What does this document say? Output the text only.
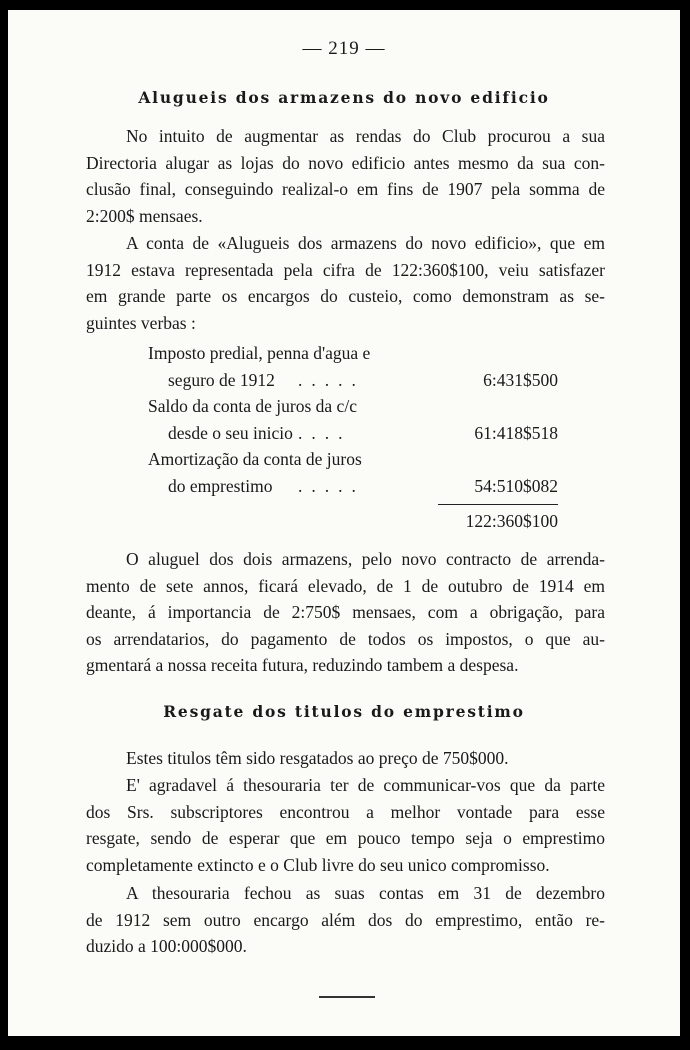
— 219 —
Alugueis dos armazens do novo edificio
No intuito de augmentar as rendas do Club procurou a sua
Directoria alugar as lojas do novo edificio antes mesmo da sua con-
clusão final, conseguindo realizal-o em fins de 1907 pela somma de
2:200$ mensaes.
A conta de «Alugueis dos armazens do novo edificio», que em
1912 estava representada pela cifra de 122:360$100, veiu satisfazer
em grande parte os encargos do custeio, como demonstram as se-
guintes verbas :
Imposto predial, penna d'agua e
seguro de 1912 .....	6:431$500
Saldo da conta de juros da c/c
desde o seu inicio ....	61:418$518
Amortização da conta de juros
do emprestimo .....	54:510$082
122:360$100
O aluguel dos dois armazens, pelo novo contracto de arrenda-
mento de sete annos, ficará elevado, de 1 de outubro de 1914 em
deante, á importancia de 2:750$ mensaes, com a obrigação, para
os arrendatarios, do pagamento de todos os impostos, o que au-
gmentará a nossa receita futura, reduzindo tambem a despesa.
Resgate dos titulos do emprestimo
Estes titulos têm sido resgatados ao preço de 750$000.
E' agradavel á thesouraria ter de communicar-vos que da parte
dos Srs. subscriptores encontrou a melhor vontade para esse
resgate, sendo de esperar que em pouco tempo seja o emprestimo
completamente extincto e o Club livre do seu unico compromisso.
A thesouraria fechou as suas contas em 31 de dezembro
de 1912 sem outro encargo além dos do emprestimo, então re-
duzido a 100:000$000.
